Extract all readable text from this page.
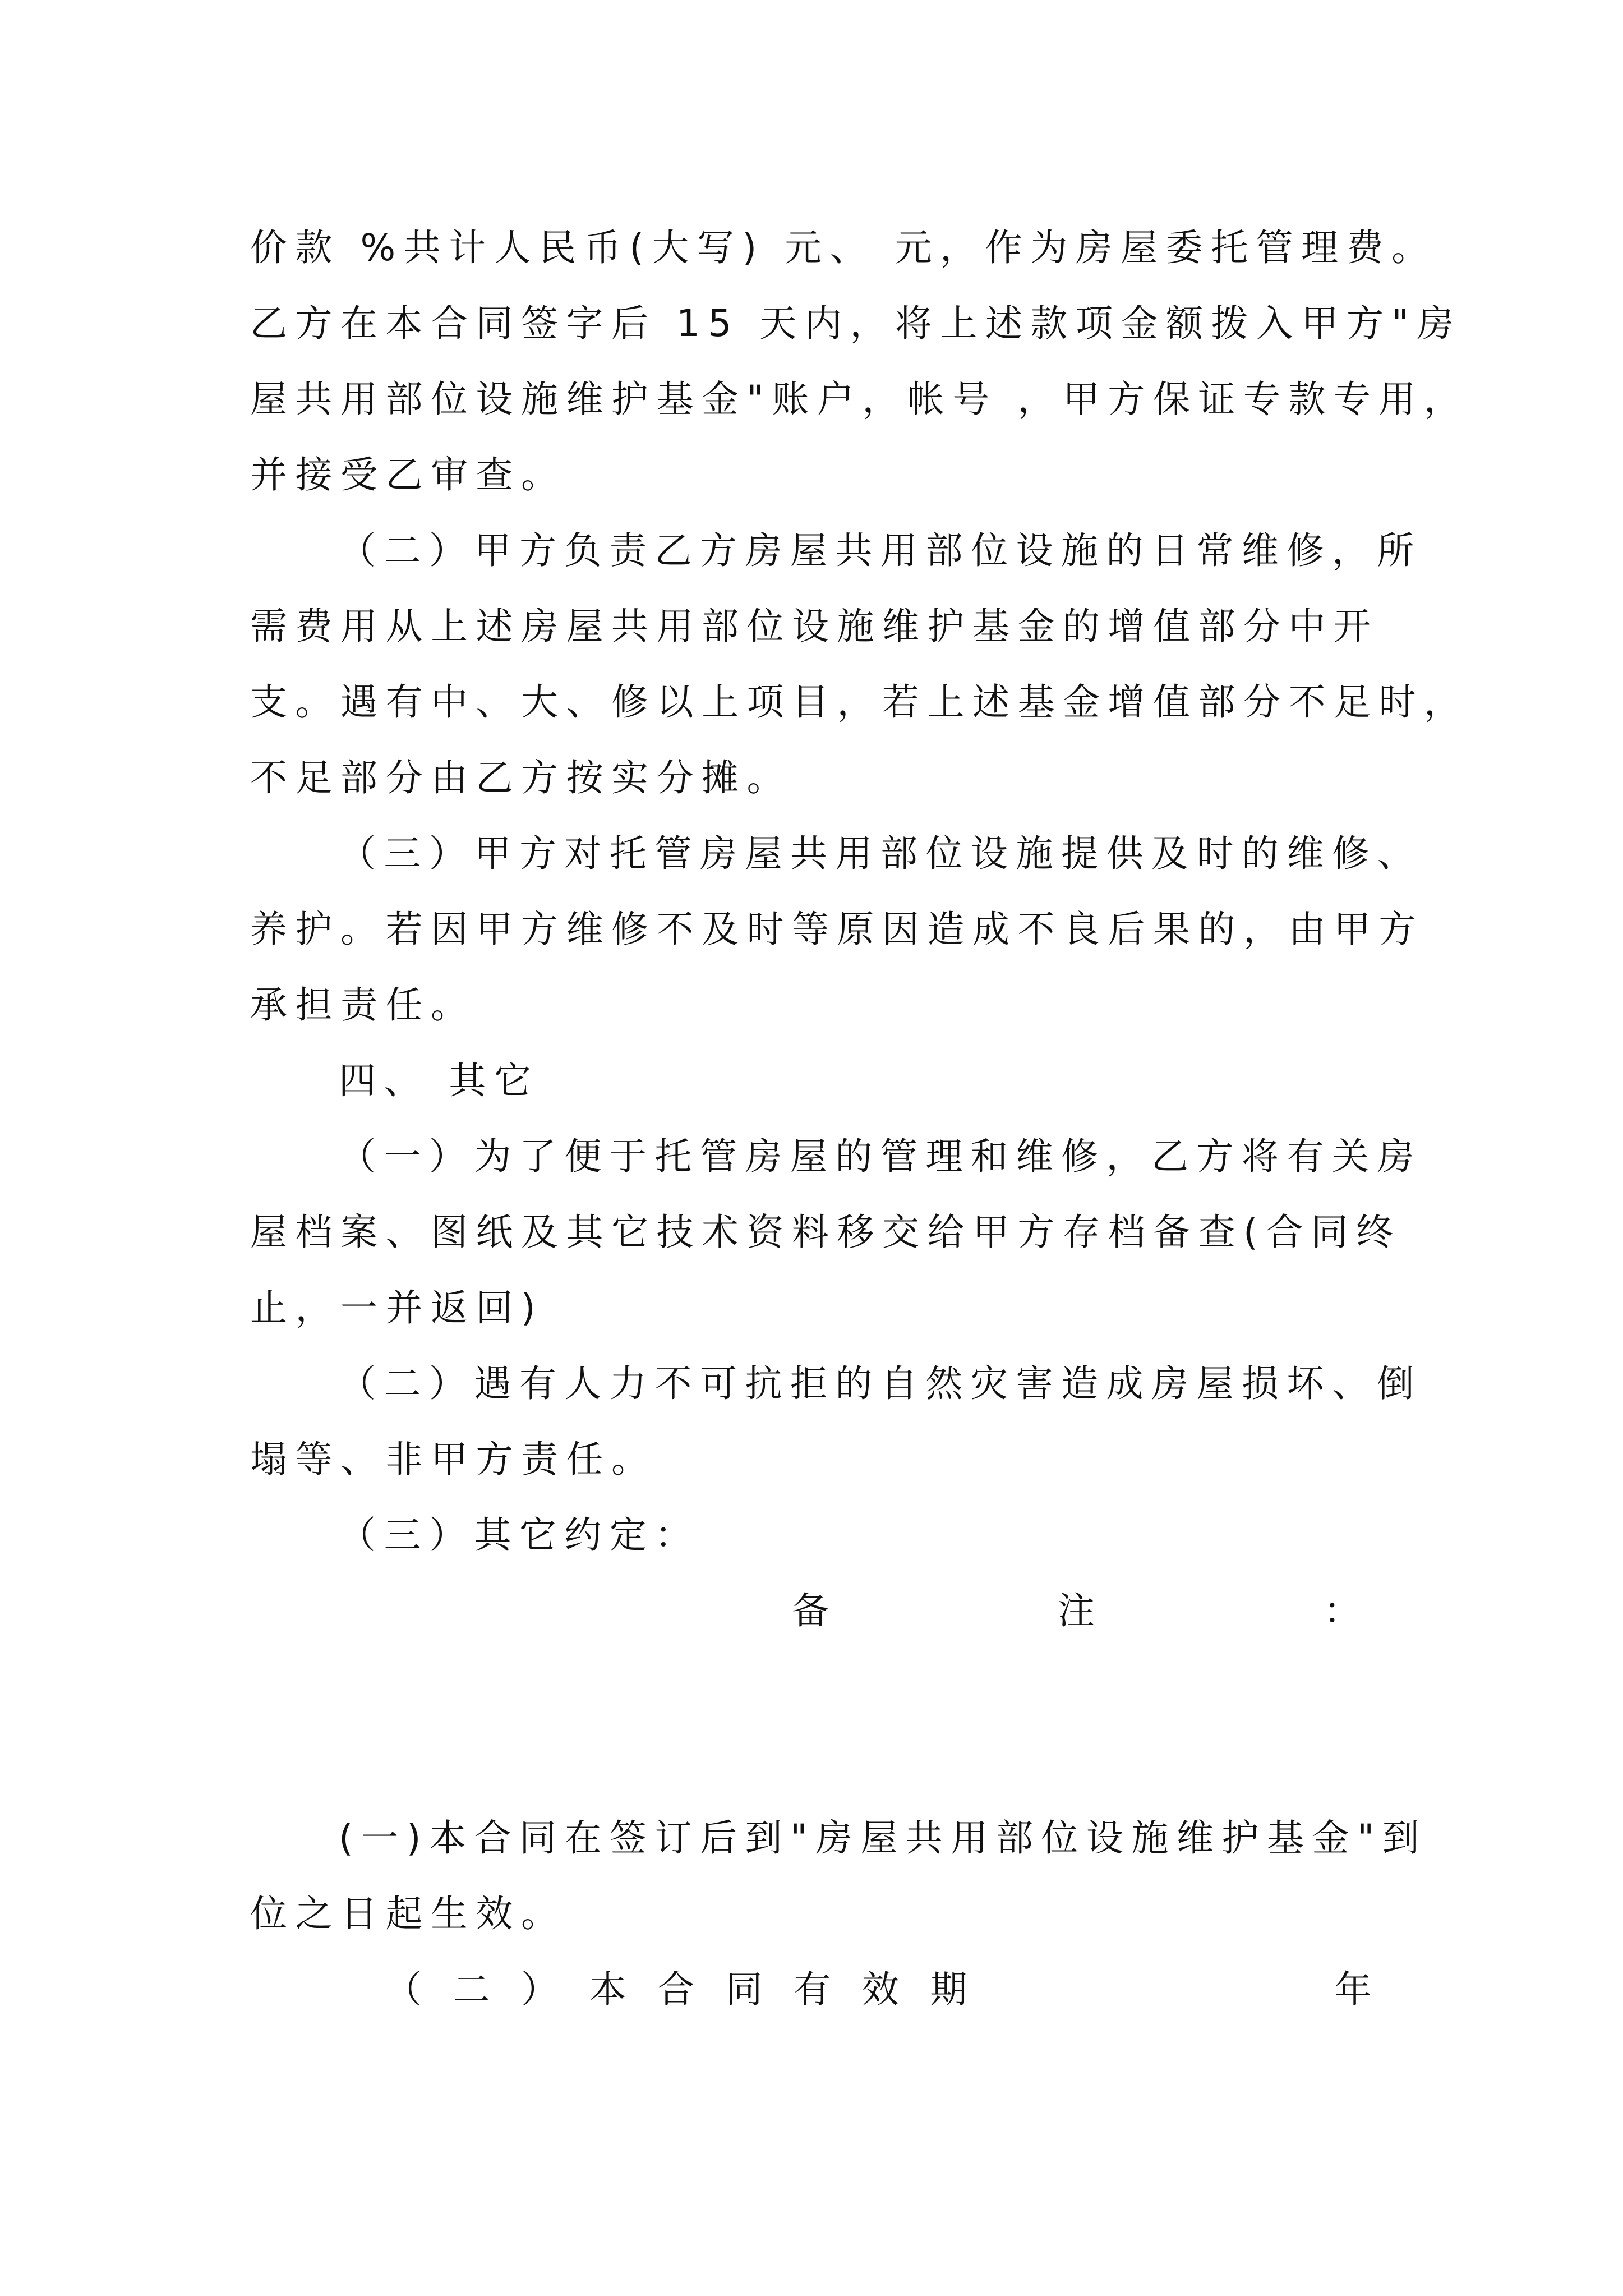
价款 %共计人民币(大写) 元、 元，作为房屋委托管理费。
乙方在本合同签字后 15 天内，将上述款项金额拨入甲方"房
屋共用部位设施维护基金"账户，帐号 ，甲方保证专款专用，
并接受乙审查。
（二）甲方负责乙方房屋共用部位设施的日常维修，所
需费用从上述房屋共用部位设施维护基金的增值部分中开
支。遇有中、大、修以上项目，若上述基金增值部分不足时，
不足部分由乙方按实分摊。
（三）甲方对托管房屋共用部位设施提供及时的维修、
养护。若因甲方维修不及时等原因造成不良后果的，由甲方
承担责任。
四、 其它
（一）为了便于托管房屋的管理和维修，乙方将有关房
屋档案、图纸及其它技术资料移交给甲方存档备查(合同终
止，一并返回)
（二）遇有人力不可抗拒的自然灾害造成房屋损坏、倒
塌等、非甲方责任。
（三）其它约定：
备	注	：
(一)本合同在签订后到"房屋共用部位设施维护基金"到
位之日起生效。
（ 二 ） 本 合 同 有 效 期	年
